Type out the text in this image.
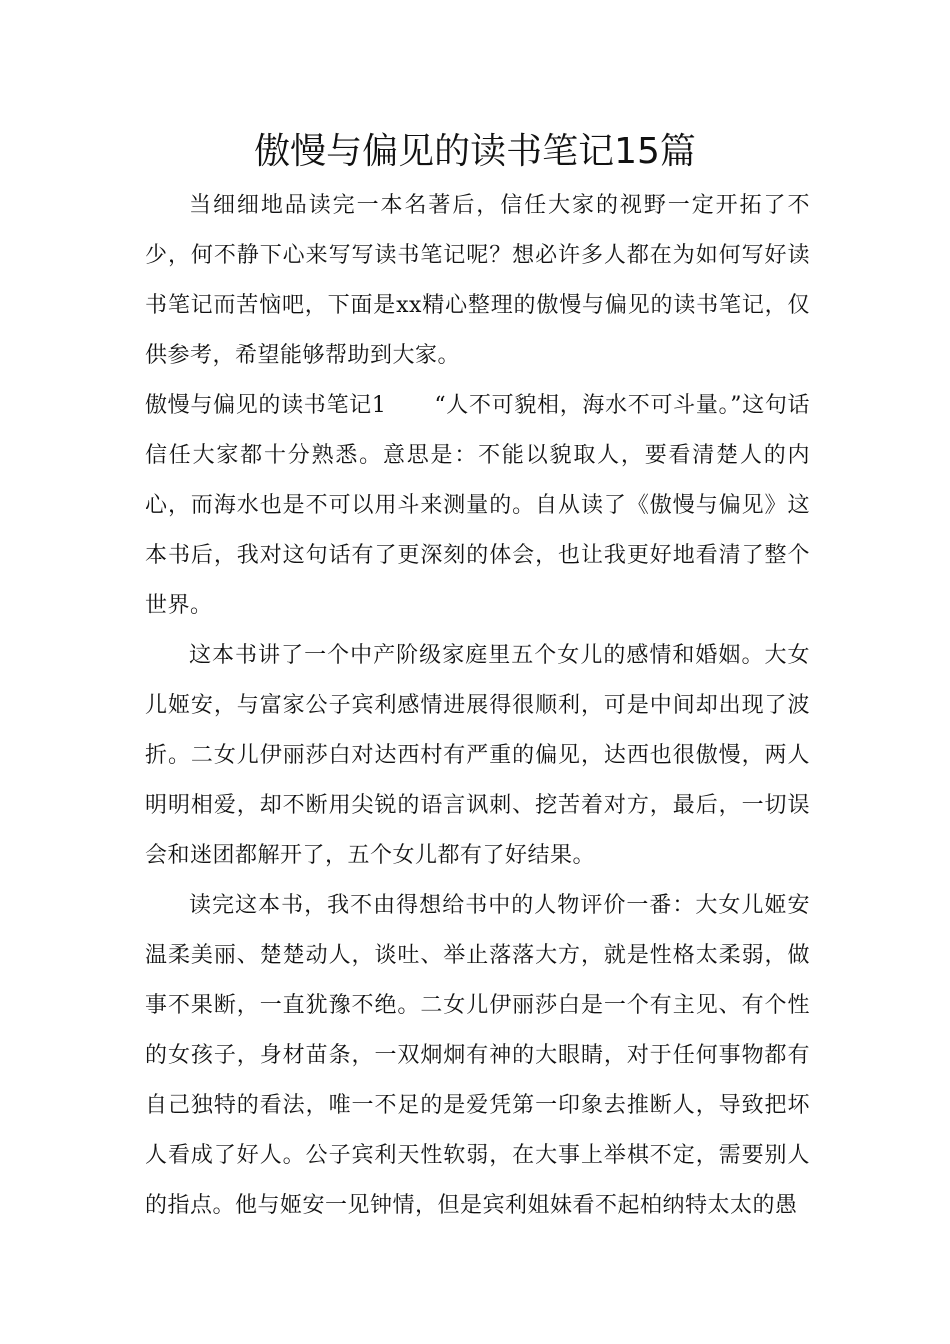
傲慢与偏见的读书笔记15篇

当细细地品读完一本名著后，信任大家的视野一定开拓了不少，何不静下心来写写读书笔记呢？想必许多人都在为如何写好读书笔记而苦恼吧，下面是xx精心整理的傲慢与偏见的读书笔记，仅供参考，希望能够帮助到大家。

傲慢与偏见的读书笔记1 “人不可貌相，海水不可斗量。”这句话信任大家都十分熟悉。意思是：不能以貌取人，要看清楚人的内心，而海水也是不可以用斗来测量的。自从读了《傲慢与偏见》这本书后，我对这句话有了更深刻的体会，也让我更好地看清了整个世界。

这本书讲了一个中产阶级家庭里五个女儿的感情和婚姻。大女儿姬安，与富家公子宾利感情进展得很顺利，可是中间却出现了波折。二女儿伊丽莎白对达西村有严重的偏见，达西也很傲慢，两人明明相爱，却不断用尖锐的语言讽刺、挖苦着对方，最后，一切误会和迷团都解开了，五个女儿都有了好结果。

读完这本书，我不由得想给书中的人物评价一番：大女儿姬安温柔美丽、楚楚动人，谈吐、举止落落大方，就是性格太柔弱，做事不果断，一直犹豫不绝。二女儿伊丽莎白是一个有主见、有个性的女孩子，身材苗条，一双炯炯有神的大眼睛，对于任何事物都有自己独特的看法，唯一不足的是爱凭第一印象去推断人，导致把坏人看成了好人。公子宾利天性软弱，在大事上举棋不定，需要别人的指点。他与姬安一见钟情，但是宾利姐妹看不起柏纳特太太的愚
